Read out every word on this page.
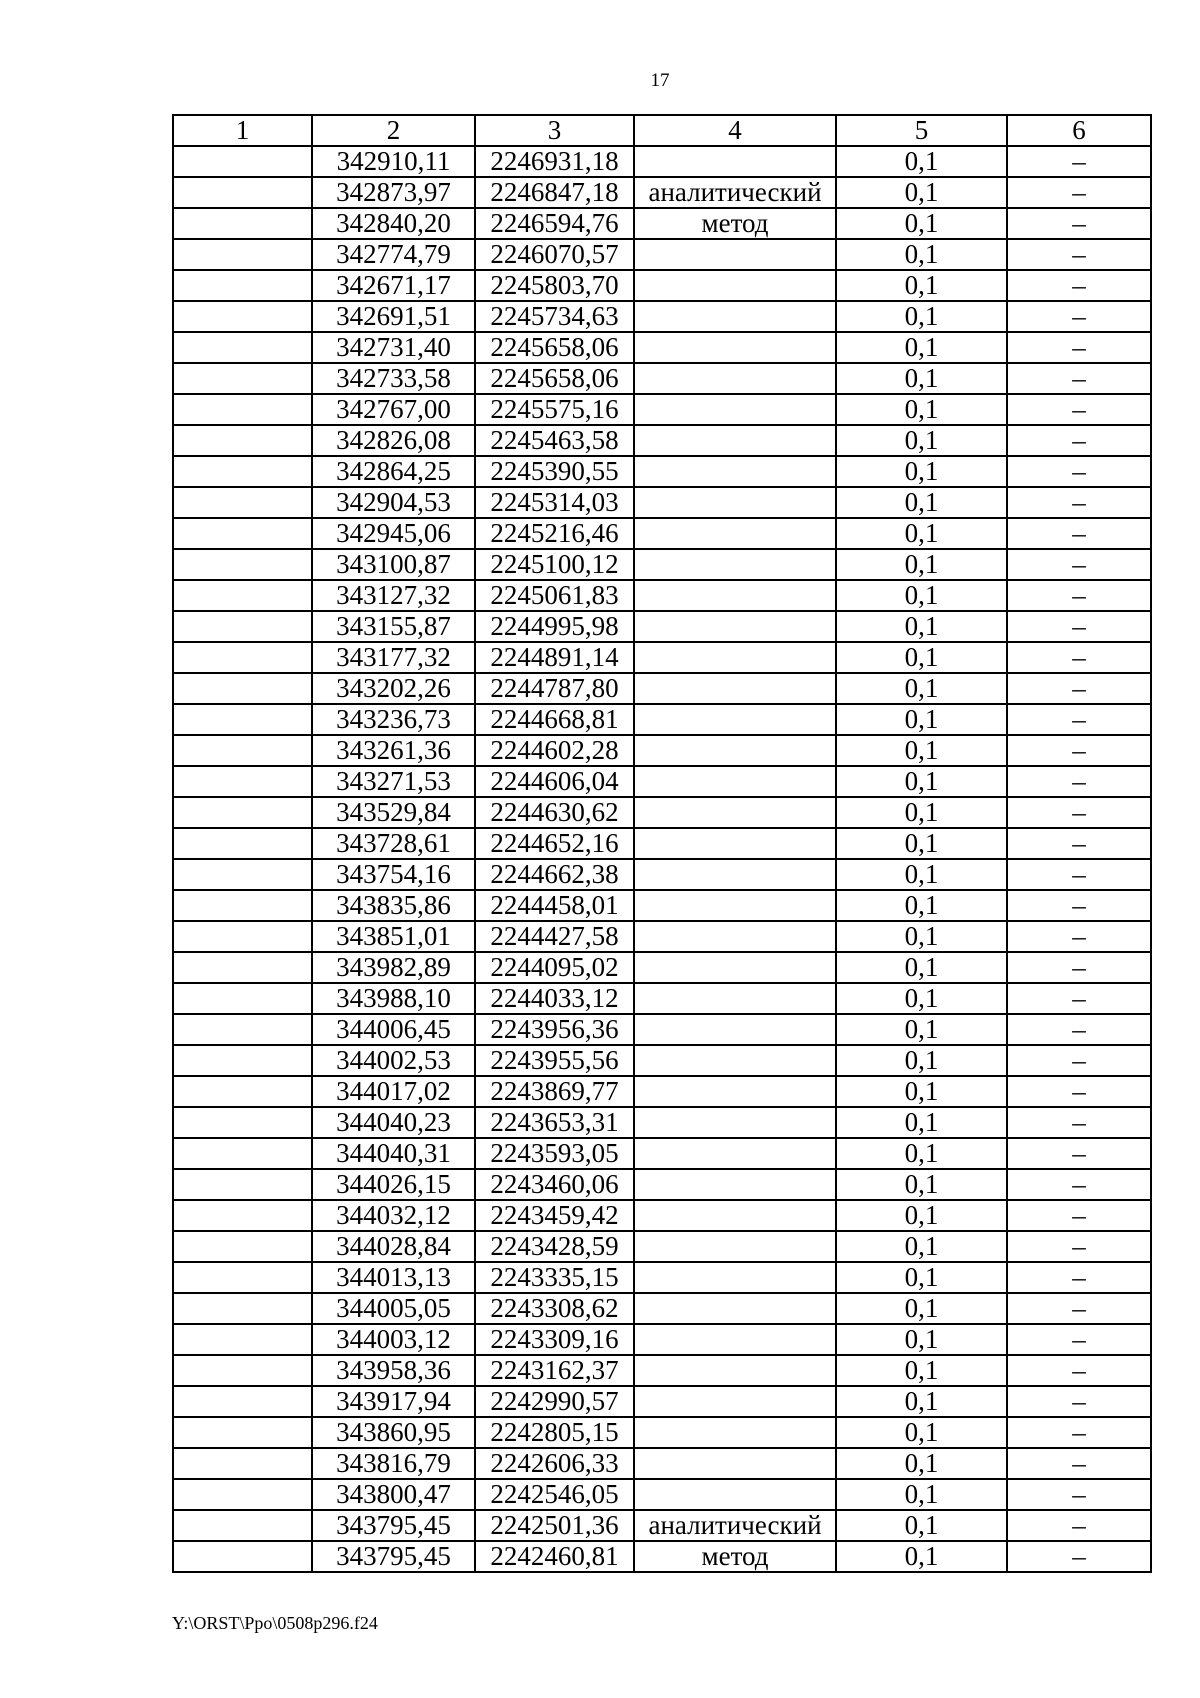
17
1	2	3	4	5	6
	342910,11	2246931,18		0,1	–
	342873,97	2246847,18	аналитический	0,1	–
	342840,20	2246594,76	метод	0,1	–
	342774,79	2246070,57		0,1	–
	342671,17	2245803,70		0,1	–
	342691,51	2245734,63		0,1	–
	342731,40	2245658,06		0,1	–
	342733,58	2245658,06		0,1	–
	342767,00	2245575,16		0,1	–
	342826,08	2245463,58		0,1	–
	342864,25	2245390,55		0,1	–
	342904,53	2245314,03		0,1	–
	342945,06	2245216,46		0,1	–
	343100,87	2245100,12		0,1	–
	343127,32	2245061,83		0,1	–
	343155,87	2244995,98		0,1	–
	343177,32	2244891,14		0,1	–
	343202,26	2244787,80		0,1	–
	343236,73	2244668,81		0,1	–
	343261,36	2244602,28		0,1	–
	343271,53	2244606,04		0,1	–
	343529,84	2244630,62		0,1	–
	343728,61	2244652,16		0,1	–
	343754,16	2244662,38		0,1	–
	343835,86	2244458,01		0,1	–
	343851,01	2244427,58		0,1	–
	343982,89	2244095,02		0,1	–
	343988,10	2244033,12		0,1	–
	344006,45	2243956,36		0,1	–
	344002,53	2243955,56		0,1	–
	344017,02	2243869,77		0,1	–
	344040,23	2243653,31		0,1	–
	344040,31	2243593,05		0,1	–
	344026,15	2243460,06		0,1	–
	344032,12	2243459,42		0,1	–
	344028,84	2243428,59		0,1	–
	344013,13	2243335,15		0,1	–
	344005,05	2243308,62		0,1	–
	344003,12	2243309,16		0,1	–
	343958,36	2243162,37		0,1	–
	343917,94	2242990,57		0,1	–
	343860,95	2242805,15		0,1	–
	343816,79	2242606,33		0,1	–
	343800,47	2242546,05		0,1	–
	343795,45	2242501,36	аналитический	0,1	–
	343795,45	2242460,81	метод	0,1	–
Y:\ORST\Ppo\0508p296.f24
